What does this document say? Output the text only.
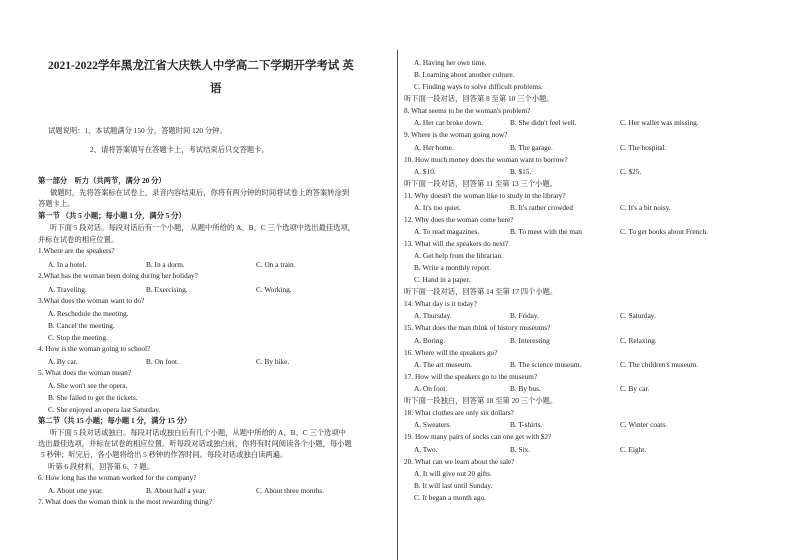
2021-2022学年黑龙江省大庆铁人中学高二下学期开学考试 英
语
试题说明：1、本试题满分 150 分，答题时间 120 分钟。
2、请将答案填写在答题卡上，考试结束后只交答题卡。
第一部分　听力（共两节，满分 20 分）
做题时，先将答案标在试卷上，录音内容结束后，你将有两分钟的时间将试卷上的答案转涂到
答题卡上。
第一节 （共 5 小题；每小题 1 分，满分 5 分）
听下面 5 段对话。每段对话后有一个小题， 从题中所给的 A、B、C 三个选项中选出最佳选项，
并标在试卷的相应位置。
1.Where are the speakers?
A. In a hotel.	B. In a dorm.	C. On a train.
2.What has the woman been doing during her holiday?
A. Traveling.	B. Exercising.	C. Working.
3.What does the woman want to do?
A. Reschedule the meeting.
B. Cancel the meeting.
C. Stop the meeting.
4. How is the woman going to school?
A. By car.	B. On foot.	C. By bike.
5. What does the woman mean?
A. She won't see the opera.
B. She failed to get the tickets.
C. She enjoyed an opera last Saturday.
第二节（共 15 小题；每小题 1 分，满分 15 分）
听下面 5 段对话或独白。每段对话或独白后有几个小题，从题中所给的 A、B、C 三个选项中
选出最佳选项，并标在试卷的相应位置。听每段对话或独白前，你将有时间阅读各个小题，每小题
5 秒钟；听完后，各小题将给出 5 秒钟的作答时间。每段对话或独白读两遍。
听第 6 段材料，回答第 6、7 题。
6. How long has the woman worked for the company?
A. About one year.	B. About half a year.	C. About three months.
7. What does the woman think is the most rewarding thing?
A. Having her own time.
B. Learning about another culture.
C. Finding ways to solve difficult problems.
听下面一段对话，回答第 8 至第 10 三个小题。
8. What seems to be the woman's problem?
A. Her car broke down.	B. She didn't feel well.	C. Her wallet was missing.
9. Where is the woman going now?
A. Her home.	B. The garage.	C. The hospital.
10. How much money does the woman want to borrow?
A. $10.	B. $15.	C. $25.
听下面一段对话，回答第 11 至第 13 三个小题。
11. Why doesn't the woman like to study in the library?
A. It's too quiet.	B. It's rather crowded	C. It's a bit noisy.
12. Why does the woman come here?
A. To read magazines.	B. To meet with the man	C. To get books about French.
13. What will the speakers do next?
A. Get help from the librarian.
B. Write a monthly report.
C. Hand in a paper.
听下面一段对话，回答第 14 至第 17 四个小题。
14. What day is it today?
A. Thursday.	B. Friday.	C. Saturday.
15. What does the man think of history museums?
A. Boring.	B. Interesting	C. Relaxing.
16. Where will the speakers go?
A. The art museum.	B. The science museum.	C. The children's museum.
17. How will the speakers go to the museum?
A. On foot.	B. By bus.	C. By car.
听下面一段独白，回答第 18 至第 20 三个小题。
18. What clothes are only six dollars?
A. Sweaters.	B. T-shirts.	C. Winter coats.
19. How many pairs of socks can one get with $2?
A. Two.	B. Six.	C. Eight.
20. What can we learn about the sale?
A. It will give out 20 gifts.
B. It will last until Sunday.
C. It began a month ago.
